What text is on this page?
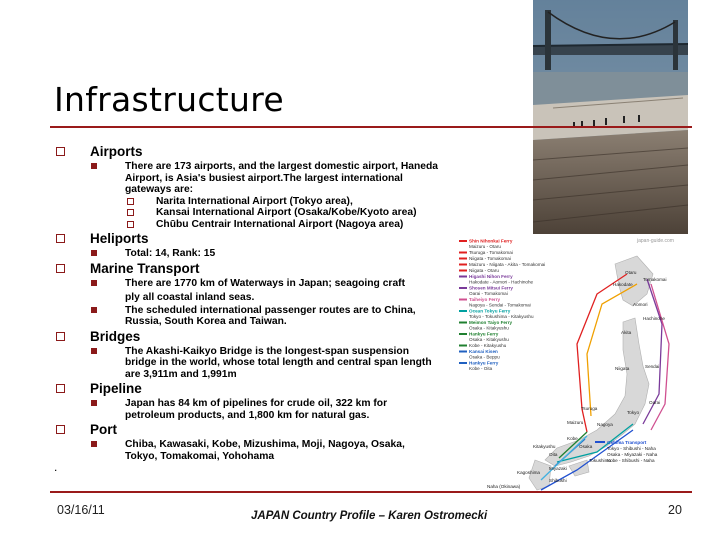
Infrastructure
Airports
There are 173 airports, and the largest domestic airport, Haneda Airport, is Asia's busiest airport.The largest international gateways are:
Narita International Airport (Tokyo area),
Kansai International Airport (Osaka/Kobe/Kyoto area)
Chūbu Centrair International Airport (Nagoya area)
Heliports
Total: 14, Rank: 15
Marine Transport
There are 1770 km of Waterways in Japan; seagoing craft
ply all coastal inland seas.
The scheduled international passenger routes are to China, Russia, South Korea and Taiwan.
Bridges
The Akashi-Kaikyo Bridge is the longest-span suspension bridge in the world, whose total length and central span length are 3,911m and 1,991m
Pipeline
Japan has 84 km of pipelines for crude oil, 322 km for petroleum products, and 1,800 km for natural gas.
Port
Chiba, Kawasaki, Kobe, Mizushima, Moji, Nagoya, Osaka, Tokyo, Tomakomai, Yohohama
.
japan-guide.com
Shin Nihonkai Ferry
Maizuru - Otaru
Tsuruga - Tomakomai
Niigata - Tomakomai
Maizuru - Niigata - Akita - Tomakomai
Niigata - Otaru
Higashi Nihon Ferry
Hakodate - Aomori - Hachinohe
Shosen Mitsui Ferry
Oarai - Tomakomai
Taiheiyo Ferry
Nagoya - Sendai - Tomakomai
Ocean Tokyu Ferry
Tokyo - Tokushima - Kitakyushu
Meimon Taiyo Ferry
Osaka - Kitakyushu
Hankyu Ferry
Osaka - Kitakyushu
Kobe - Kitakyushu
Kansai Kisen
Osaka - Beppu
Hankyu Ferry
Kobe - Oita
Otaru
Tomakomai
Hakodate
Aomori
Hachinohe
Akita
Sendai
Niigata
Oarai
Tokyo
Nagoya
Tsuruga
Maizuru
Osaka
Kobe
Kitakyushu
Oita
Tokushima
Miyazaki
Kagoshima
Shibushi
Naha (Okinawa)
Oshima Transport
Tokyo - Shibushi - Naha
Osaka - Miyazaki - Naha
Kobe - Shibushi - Naha
03/16/11	JAPAN Country Profile – Karen Ostromecki	20
